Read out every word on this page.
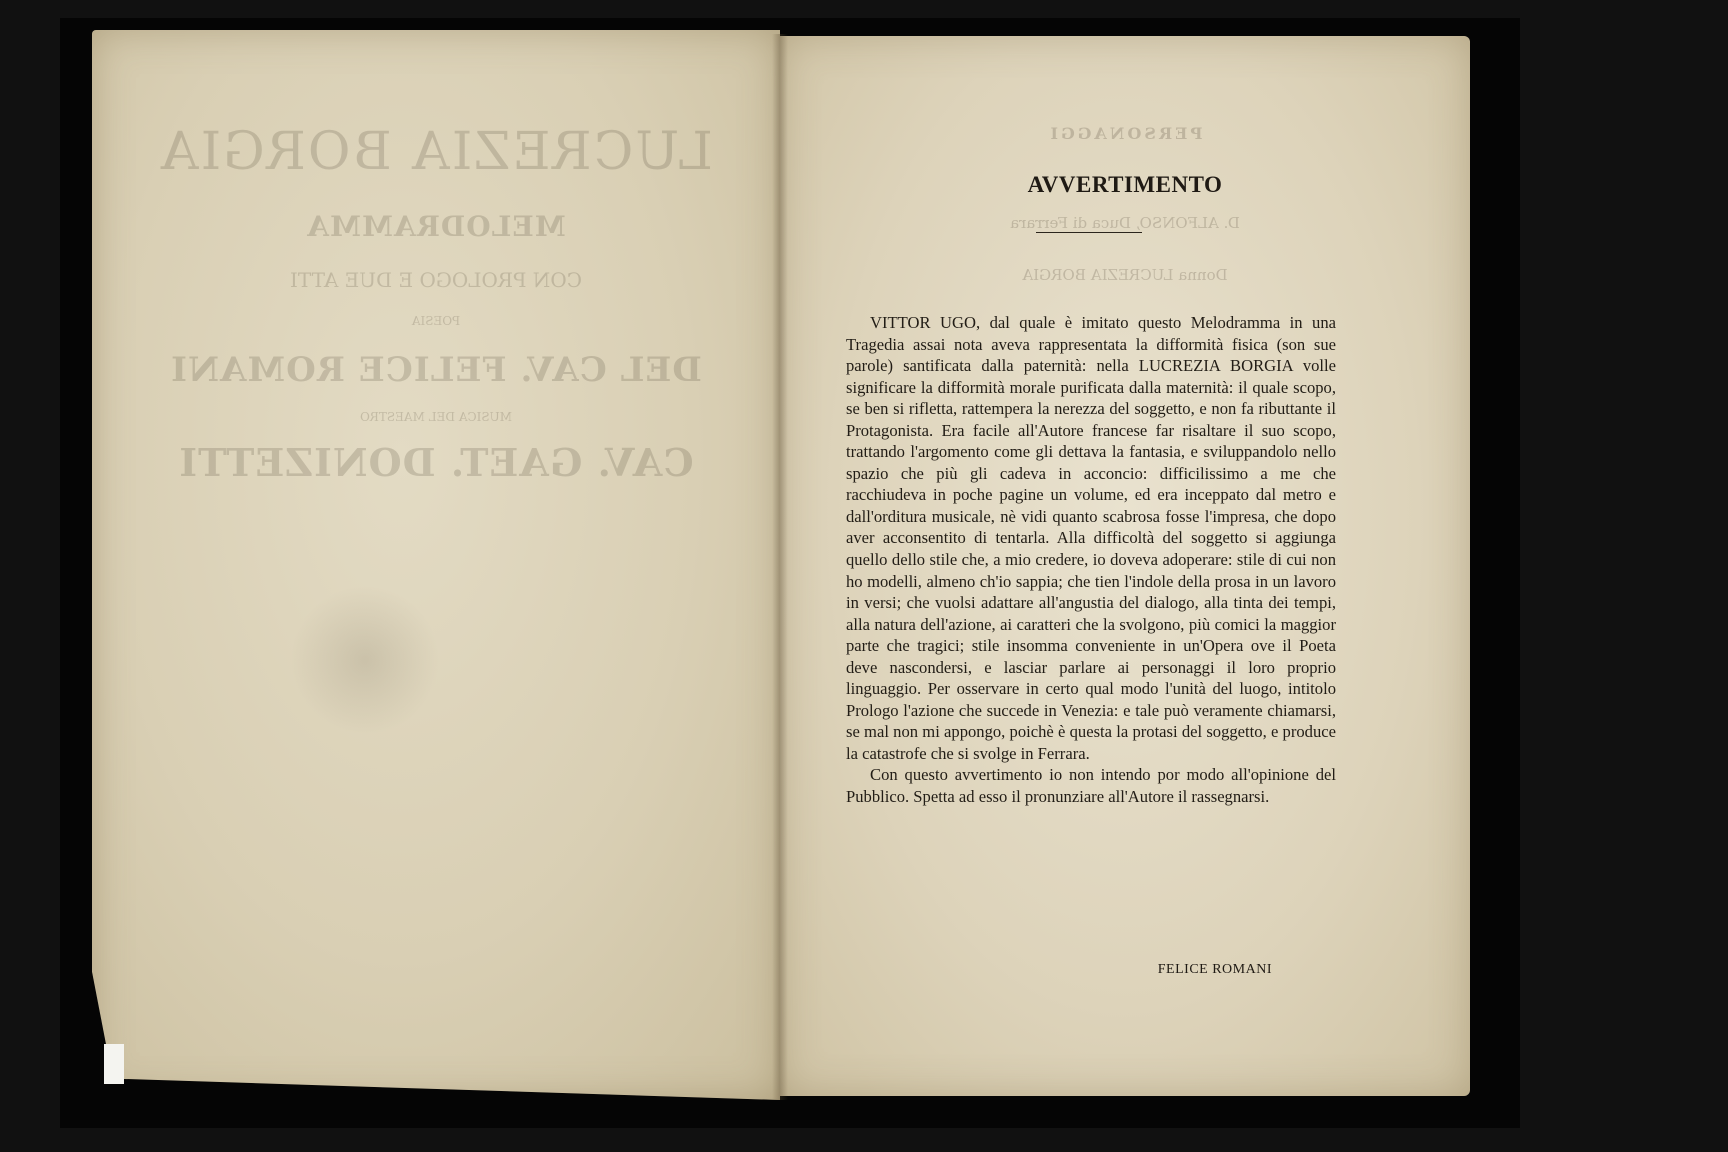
LUCREZIA BORGIA
MELODRAMMA
CON PROLOGO E DUE ATTI
POESIA
DEL CAV. FELICE ROMANI
MUSICA DEL MAESTRO
CAV. GAET. DONIZETTI
PERSONAGGI
D. ALFONSO, Duca di Ferrara
Donna LUCREZIA BORGIA
AVVERTIMENTO

VITTOR UGO, dal quale è imitato questo Melodramma in una Tragedia assai nota aveva rappresentata la difformità fisica (son sue parole) santificata dalla paternità: nella LUCREZIA BORGIA volle significare la difformità morale purificata dalla maternità: il quale scopo, se ben si rifletta, rattempera la nerezza del soggetto, e non fa ributtante il Protagonista. Era facile all'Autore francese far risaltare il suo scopo, trattando l'argomento come gli dettava la fantasia, e sviluppandolo nello spazio che più gli cadeva in acconcio: difficilissimo a me che racchiudeva in poche pagine un volume, ed era inceppato dal metro e dall'orditura musicale, nè vidi quanto scabrosa fosse l'impresa, che dopo aver acconsentito di tentarla. Alla difficoltà del soggetto si aggiunga quello dello stile che, a mio credere, io doveva adoperare: stile di cui non ho modelli, almeno ch'io sappia; che tien l'indole della prosa in un lavoro in versi; che vuolsi adattare all'angustia del dialogo, alla tinta dei tempi, alla natura dell'azione, ai caratteri che la svolgono, più comici la maggior parte che tragici; stile insomma conveniente in un'Opera ove il Poeta deve nascondersi, e lasciar parlare ai personaggi il loro proprio linguaggio. Per osservare in certo qual modo l'unità del luogo, intitolo Prologo l'azione che succede in Venezia: e tale può veramente chiamarsi, se mal non mi appongo, poichè è questa la protasi del soggetto, e produce la catastrofe che si svolge in Ferrara.

Con questo avvertimento io non intendo por modo all'opinione del Pubblico. Spetta ad esso il pronunziare all'Autore il rassegnarsi.

FELICE ROMANI
